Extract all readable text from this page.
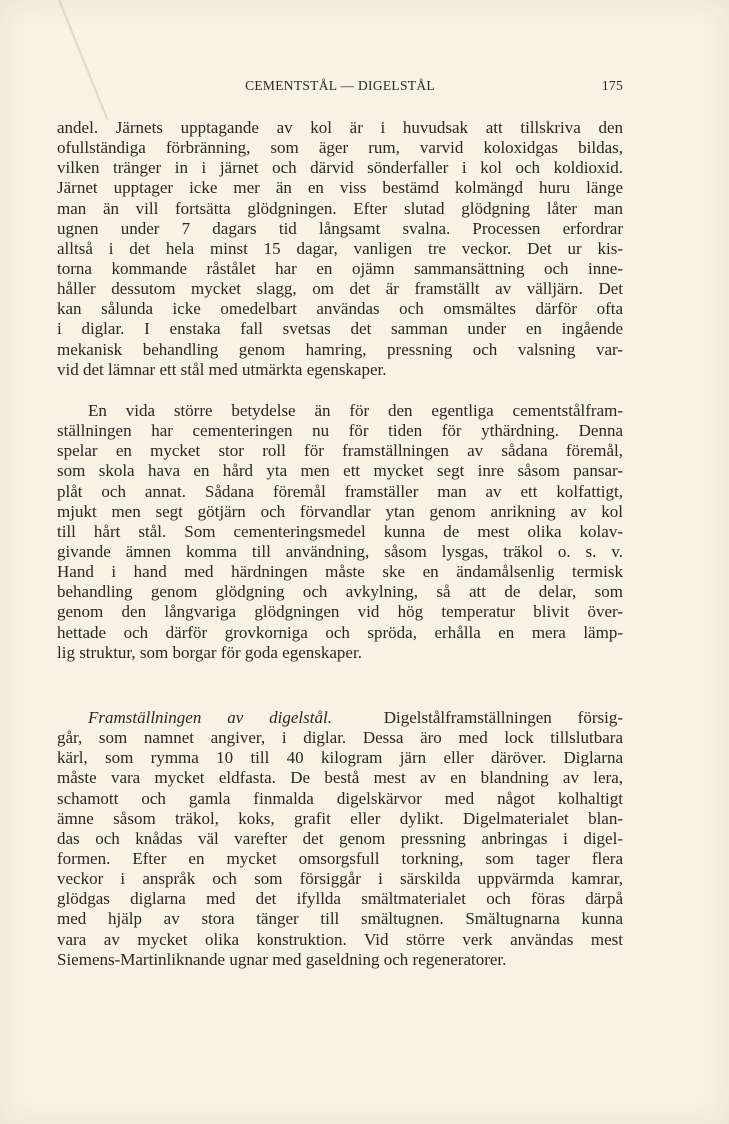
CEMENTSTÅL — DIGELSTÅL	175
andel. Järnets upptagande av kol är i huvudsak att tillskriva den
ofullständiga förbränning, som äger rum, varvid koloxidgas bildas,
vilken tränger in i järnet och därvid sönderfaller i kol och koldioxid.
Järnet upptager icke mer än en viss bestämd kolmängd huru länge
man än vill fortsätta glödgningen. Efter slutad glödgning låter man
ugnen under 7 dagars tid långsamt svalna. Processen erfordrar
alltså i det hela minst 15 dagar, vanligen tre veckor. Det ur kis-
torna kommande råstålet har en ojämn sammansättning och inne-
håller dessutom mycket slagg, om det är framställt av välljärn. Det
kan sålunda icke omedelbart användas och omsmältes därför ofta
i diglar. I enstaka fall svetsas det samman under en ingående
mekanisk behandling genom hamring, pressning och valsning var-
vid det lämnar ett stål med utmärkta egenskaper.
En vida större betydelse än för den egentliga cementstålfram-
ställningen har cementeringen nu för tiden för ythärdning. Denna
spelar en mycket stor roll för framställningen av sådana föremål,
som skola hava en hård yta men ett mycket segt inre såsom pansar-
plåt och annat. Sådana föremål framställer man av ett kolfattigt,
mjukt men segt götjärn och förvandlar ytan genom anrikning av kol
till hårt stål. Som cementeringsmedel kunna de mest olika kolav-
givande ämnen komma till användning, såsom lysgas, träkol o. s. v.
Hand i hand med härdningen måste ske en ändamålsenlig termisk
behandling genom glödgning och avkylning, så att de delar, som
genom den långvariga glödgningen vid hög temperatur blivit över-
hettade och därför grovkorniga och spröda, erhålla en mera lämp-
lig struktur, som borgar för goda egenskaper.
Framställningen av digelstål.	Digelstålframställningen försig-
går, som namnet angiver, i diglar. Dessa äro med lock tillslutbara
kärl, som rymma 10 till 40 kilogram järn eller däröver. Diglarna
måste vara mycket eldfasta. De bestå mest av en blandning av lera,
schamott och gamla finmalda digelskärvor med något kolhaltigt
ämne såsom träkol, koks, grafit eller dylikt. Digelmaterialet blan-
das och knådas väl varefter det genom pressning anbringas i digel-
formen. Efter en mycket omsorgsfull torkning, som tager flera
veckor i anspråk och som försiggår i särskilda uppvärmda kamrar,
glödgas diglarna med det ifyllda smältmaterialet och föras därpå
med hjälp av stora tänger till smältugnen. Smältugnarna kunna
vara av mycket olika konstruktion. Vid större verk användas mest
Siemens-Martinliknande ugnar med gaseldning och regeneratorer.
